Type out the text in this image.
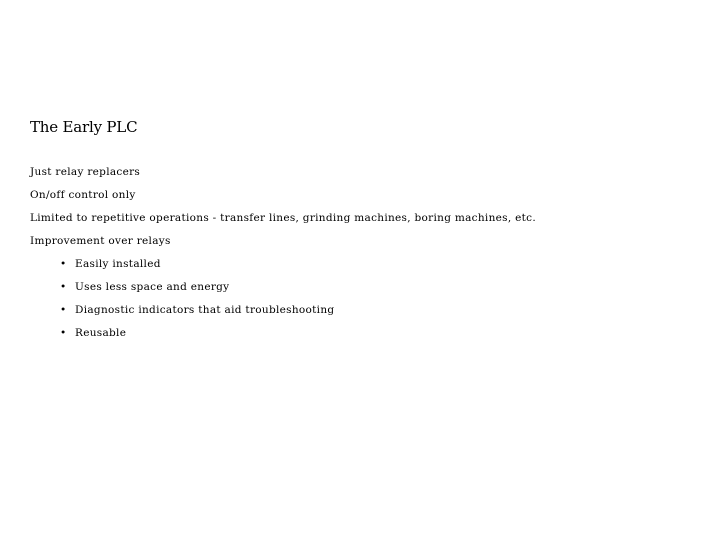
The Early PLC
Just relay replacers
On/off control only
Limited to repetitive operations - transfer lines, grinding machines, boring machines, etc.
Improvement over relays
• Easily installed
• Uses less space and energy
• Diagnostic indicators that aid troubleshooting
• Reusable
